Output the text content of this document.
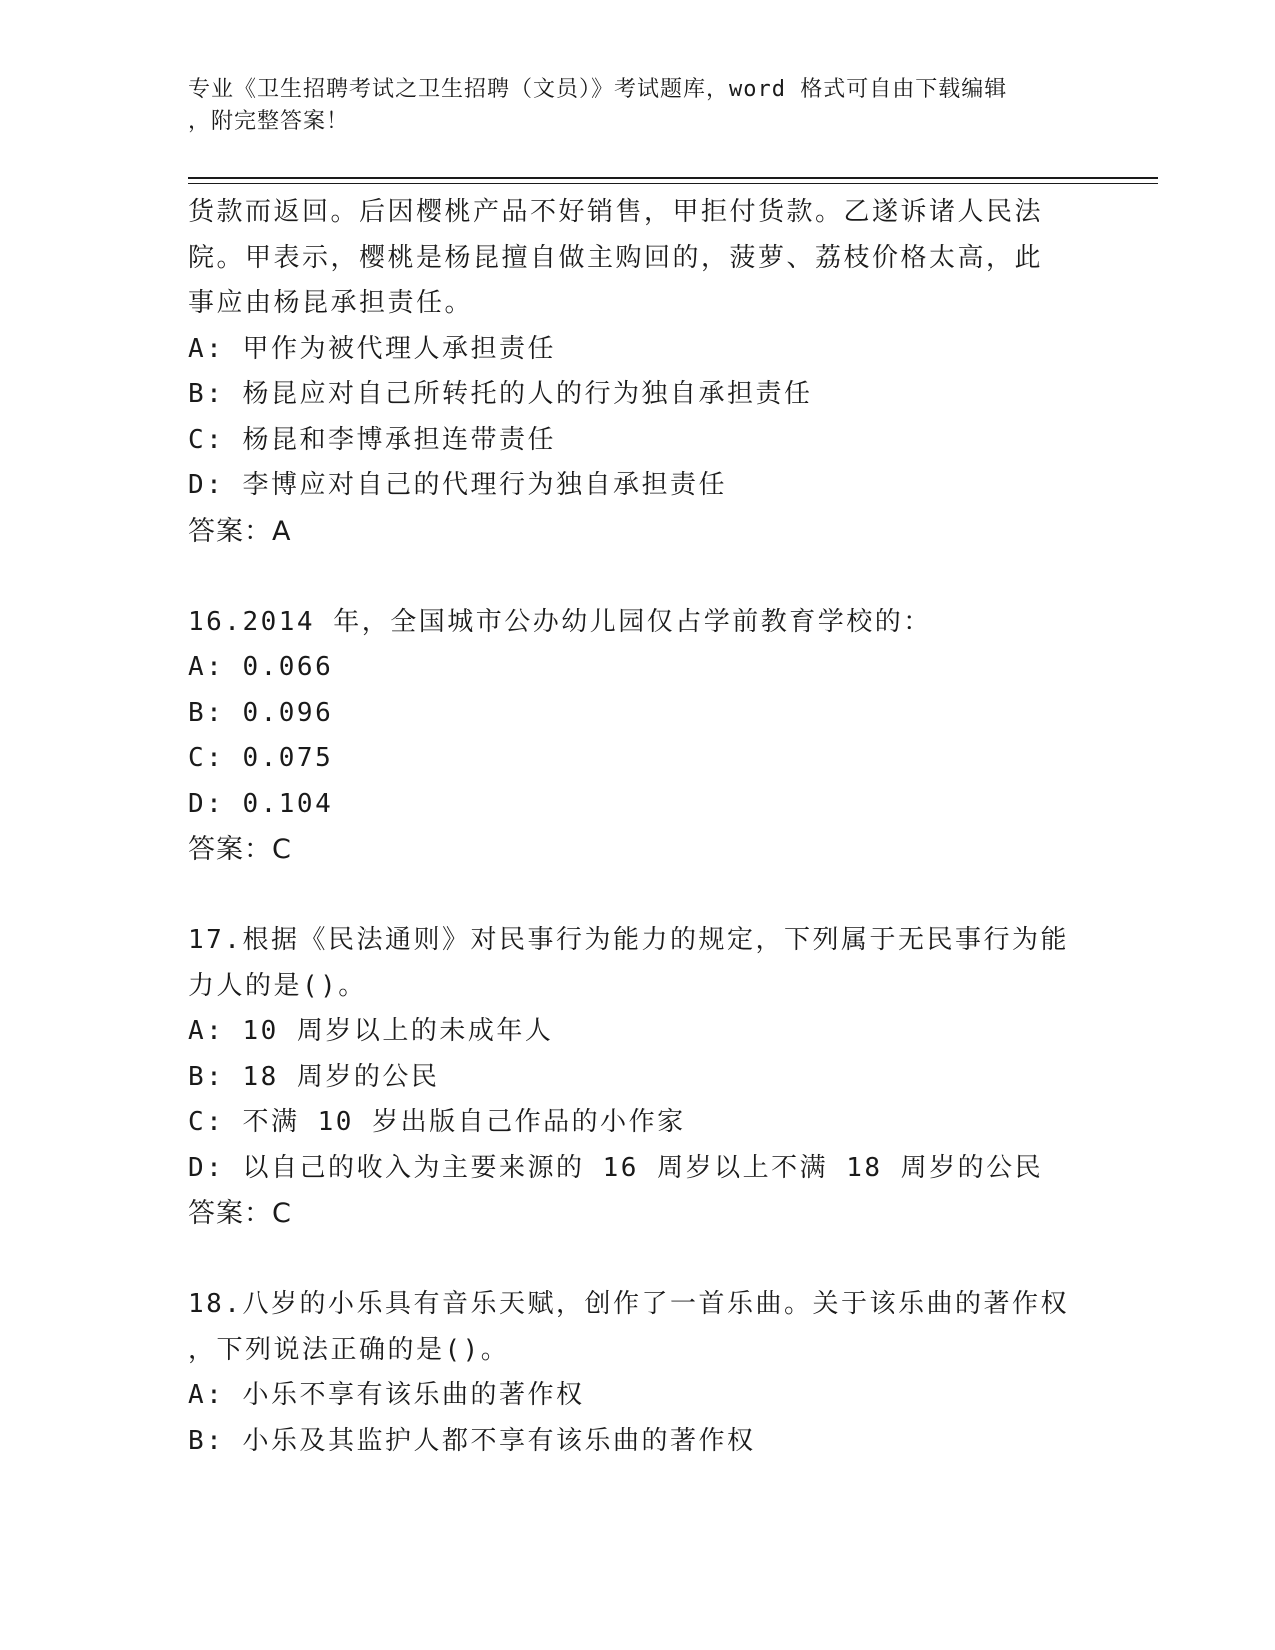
专业《卫生招聘考试之卫生招聘（文员）》考试题库，word 格式可自由下载编辑
，附完整答案！
货款而返回。后因樱桃产品不好销售，甲拒付货款。乙遂诉诸人民法
院。甲表示，樱桃是杨昆擅自做主购回的，菠萝、荔枝价格太高，此
事应由杨昆承担责任。
A: 甲作为被代理人承担责任
B: 杨昆应对自己所转托的人的行为独自承担责任
C: 杨昆和李博承担连带责任
D: 李博应对自己的代理行为独自承担责任
答案：A
16.2014 年，全国城市公办幼儿园仅占学前教育学校的：
A: 0.066
B: 0.096
C: 0.075
D: 0.104
答案：C
17.根据《民法通则》对民事行为能力的规定，下列属于无民事行为能
力人的是()。
A: 10 周岁以上的未成年人
B: 18 周岁的公民
C: 不满 10 岁出版自己作品的小作家
D: 以自己的收入为主要来源的 16 周岁以上不满 18 周岁的公民
答案：C
18.八岁的小乐具有音乐天赋，创作了一首乐曲。关于该乐曲的著作权
，下列说法正确的是()。
A: 小乐不享有该乐曲的著作权
B: 小乐及其监护人都不享有该乐曲的著作权
